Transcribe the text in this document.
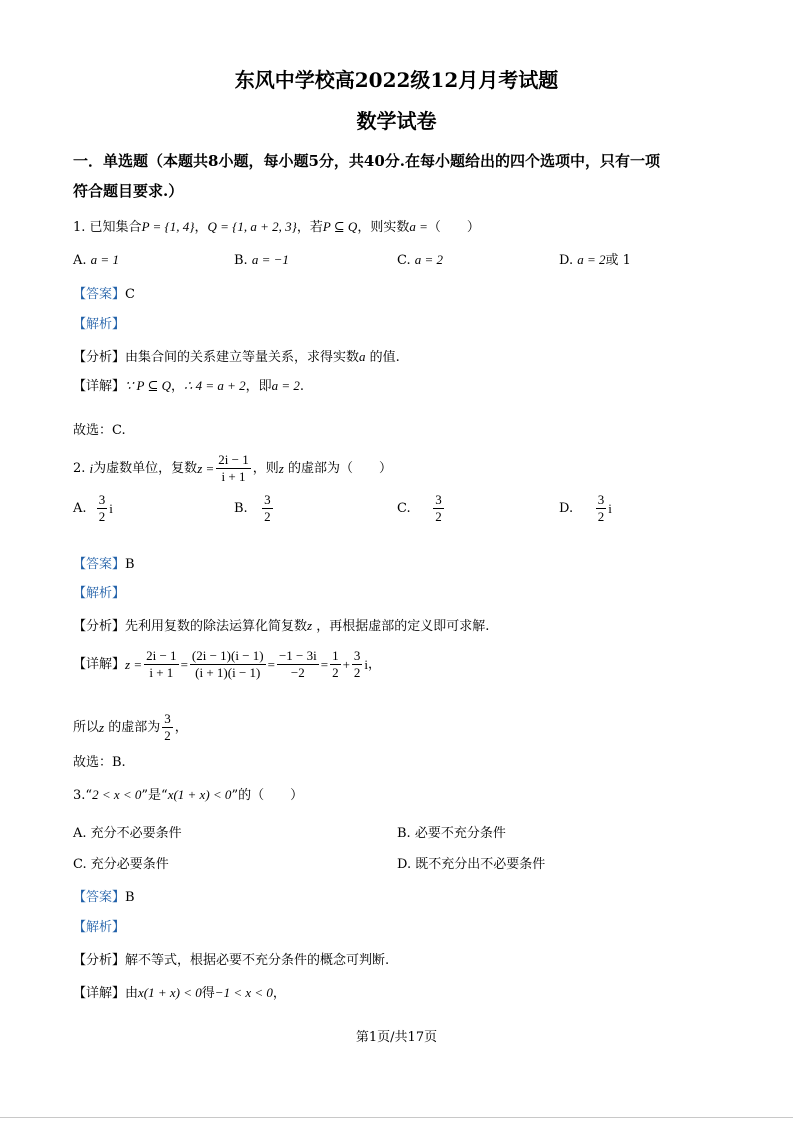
东风中学校高2022级12月月考试题
数学试卷
一．单选题（本题共8小题，每小题5分，共40分.在每小题给出的四个选项中，只有一项
符合题目要求.）
1. 已知集合P = {1, 4}，Q = {1, a + 2, 3}，若P ⊆ Q，则实数a =（　　）
A. a = 1	B. a = −1	C. a = 2	D. a = 2或 1
【答案】C
【解析】
【分析】由集合间的关系建立等量关系，求得实数a 的值.
【详解】∵ P ⊆ Q，∴ 4 = a + 2，即a = 2.
故选：C.
2.
i 为虚数单位，复数 $z = \frac{2i - 1}{i + 1}$ ，则 z
的虚部为（　　）
A.
$\frac{3}{2}$ i	B.
$\frac{3}{2}$	C.
$\frac{3}{2}$	D.
$\frac{3}{2}$ i
【答案】B
【解析】
【分析】先利用复数的除法运算化简复数z ，再根据虚部的定义即可求解.
【详解】 $z = \frac{2i - 1}{i + 1} = \frac{(2i - 1)(i - 1)}{(i + 1)(i - 1)} = \frac{-1 - 3i}{-2} = \frac{1}{2} + \frac{3}{2}$ i ，
所以 z
的虚部为 $\frac{3}{2}$ ，
故选：B.
3.“2 < x < 0”是“x(1 + x) < 0”的（　　）
A. 充分不必要条件	B. 必要不充分条件
C. 充分必要条件	D. 既不充分出不必要条件
【答案】B
【解析】
【分析】解不等式，根据必要不充分条件的概念可判断.
【详解】由x(1 + x) < 0得−1 < x < 0，
第1页/共17页
